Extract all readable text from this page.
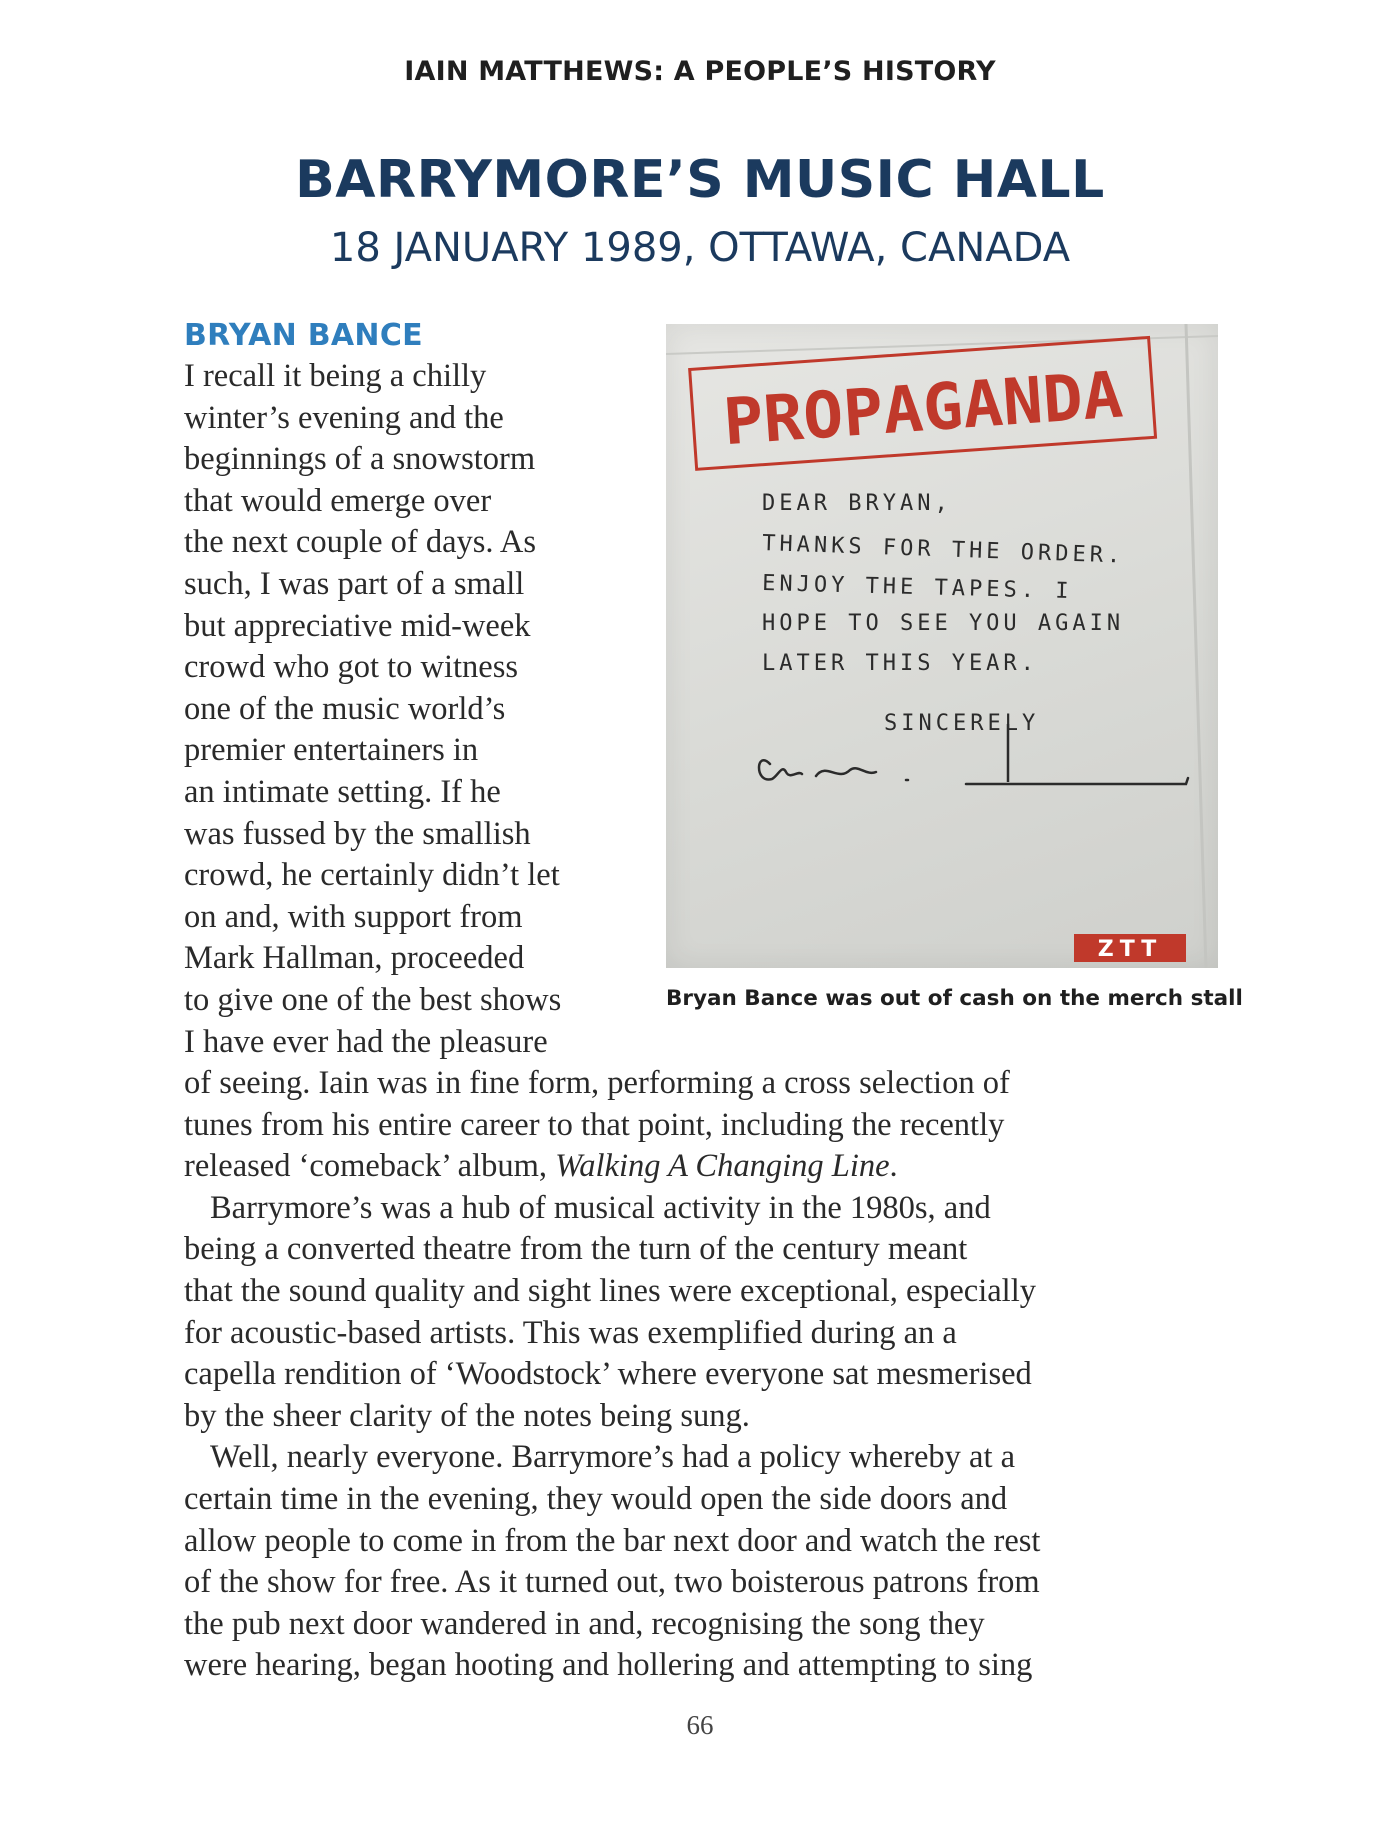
IAIN MATTHEWS: A PEOPLE’S HISTORY
BARRYMORE’S MUSIC HALL
18 JANUARY 1989, OTTAWA, CANADA
BRYAN BANCE
I recall it being a chilly
winter’s evening and the
beginnings of a snowstorm
that would emerge over
the next couple of days. As
such, I was part of a small
but appreciative mid-week
crowd who got to witness
one of the music world’s
premier entertainers in
an intimate setting. If he
was fussed by the smallish
crowd, he certainly didn’t let
on and, with support from
Mark Hallman, proceeded
to give one of the best shows
I have ever had the pleasure
of seeing. Iain was in fine form, performing a cross selection of
tunes from his entire career to that point, including the recently
released ‘comeback’ album, Walking A Changing Line.
Barrymore’s was a hub of musical activity in the 1980s, and
being a converted theatre from the turn of the century meant
that the sound quality and sight lines were exceptional, especially
for acoustic-based artists. This was exemplified during an a
capella rendition of ‘Woodstock’ where everyone sat mesmerised
by the sheer clarity of the notes being sung.
Well, nearly everyone. Barrymore’s had a policy whereby at a
certain time in the evening, they would open the side doors and
allow people to come in from the bar next door and watch the rest
of the show for free. As it turned out, two boisterous patrons from
the pub next door wandered in and, recognising the song they
were hearing, began hooting and hollering and attempting to sing
PROPAGANDA
DEAR BRYAN,
THANKS FOR THE ORDER.
ENJOY THE TAPES. I
HOPE TO SEE YOU AGAIN
LATER THIS YEAR.
SINCERELY
ZTT
Bryan Bance was out of cash on the merch stall
66
